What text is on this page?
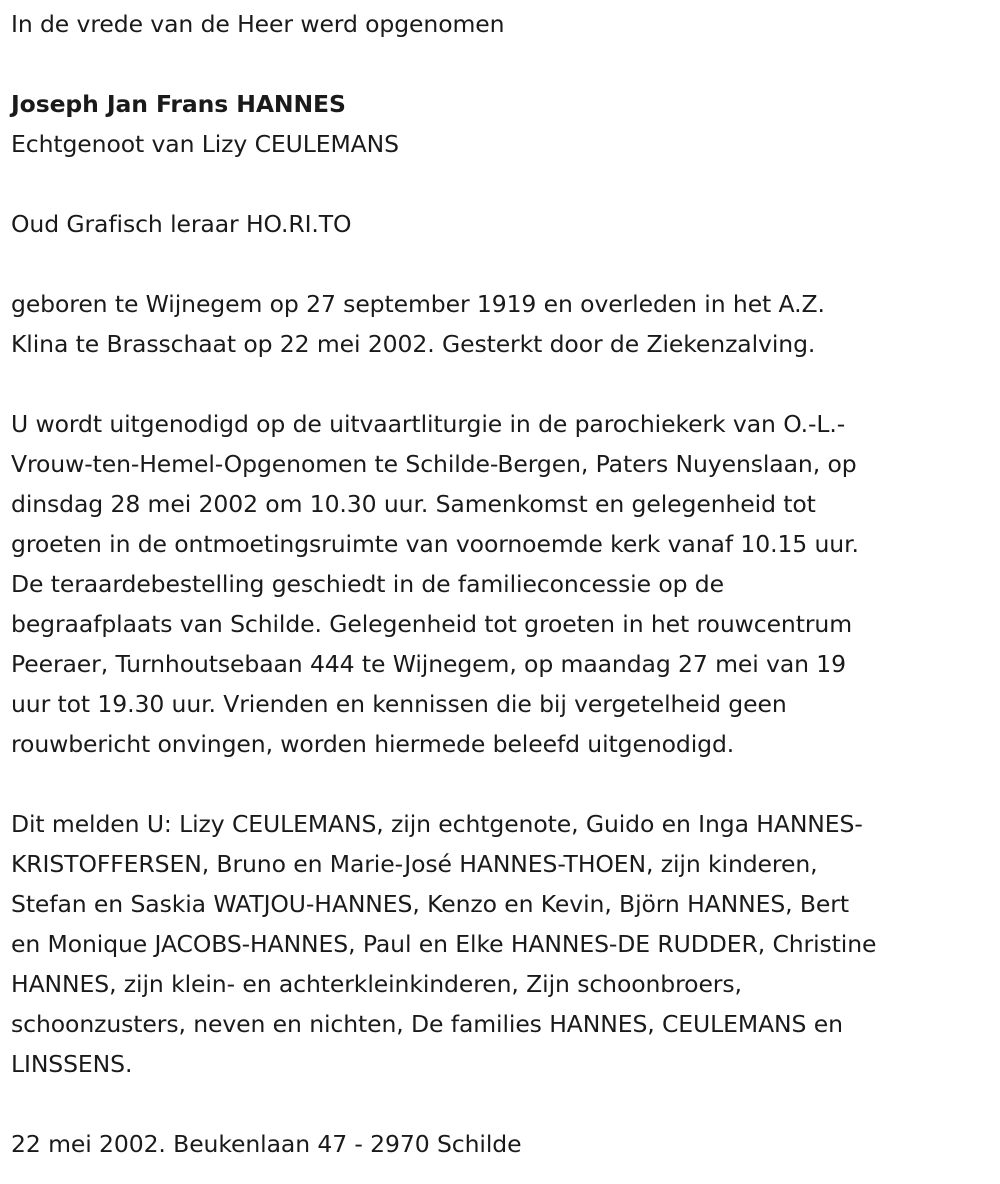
In de vrede van de Heer werd opgenomen
Joseph Jan Frans HANNES
Echtgenoot van Lizy CEULEMANS
Oud Grafisch leraar HO.RI.TO
geboren te Wijnegem op 27 september 1919 en overleden in het A.Z.
Klina te Brasschaat op 22 mei 2002. Gesterkt door de Ziekenzalving.
U wordt uitgenodigd op de uitvaartliturgie in de parochiekerk van O.-L.-
Vrouw-ten-Hemel-Opgenomen te Schilde-Bergen, Paters Nuyenslaan, op
dinsdag 28 mei 2002 om 10.30 uur. Samenkomst en gelegenheid tot
groeten in de ontmoetingsruimte van voornoemde kerk vanaf 10.15 uur.
De teraardebestelling geschiedt in de familieconcessie op de
begraafplaats van Schilde. Gelegenheid tot groeten in het rouwcentrum
Peeraer, Turnhoutsebaan 444 te Wijnegem, op maandag 27 mei van 19
uur tot 19.30 uur. Vrienden en kennissen die bij vergetelheid geen
rouwbericht onvingen, worden hiermede beleefd uitgenodigd.
Dit melden U: Lizy CEULEMANS, zijn echtgenote, Guido en Inga HANNES-
KRISTOFFERSEN, Bruno en Marie-José HANNES-THOEN, zijn kinderen,
Stefan en Saskia WATJOU-HANNES, Kenzo en Kevin, Björn HANNES, Bert
en Monique JACOBS-HANNES, Paul en Elke HANNES-DE RUDDER, Christine
HANNES, zijn klein- en achterkleinkinderen, Zijn schoonbroers,
schoonzusters, neven en nichten, De families HANNES, CEULEMANS en
LINSSENS.
22 mei 2002. Beukenlaan 47 - 2970 Schilde
